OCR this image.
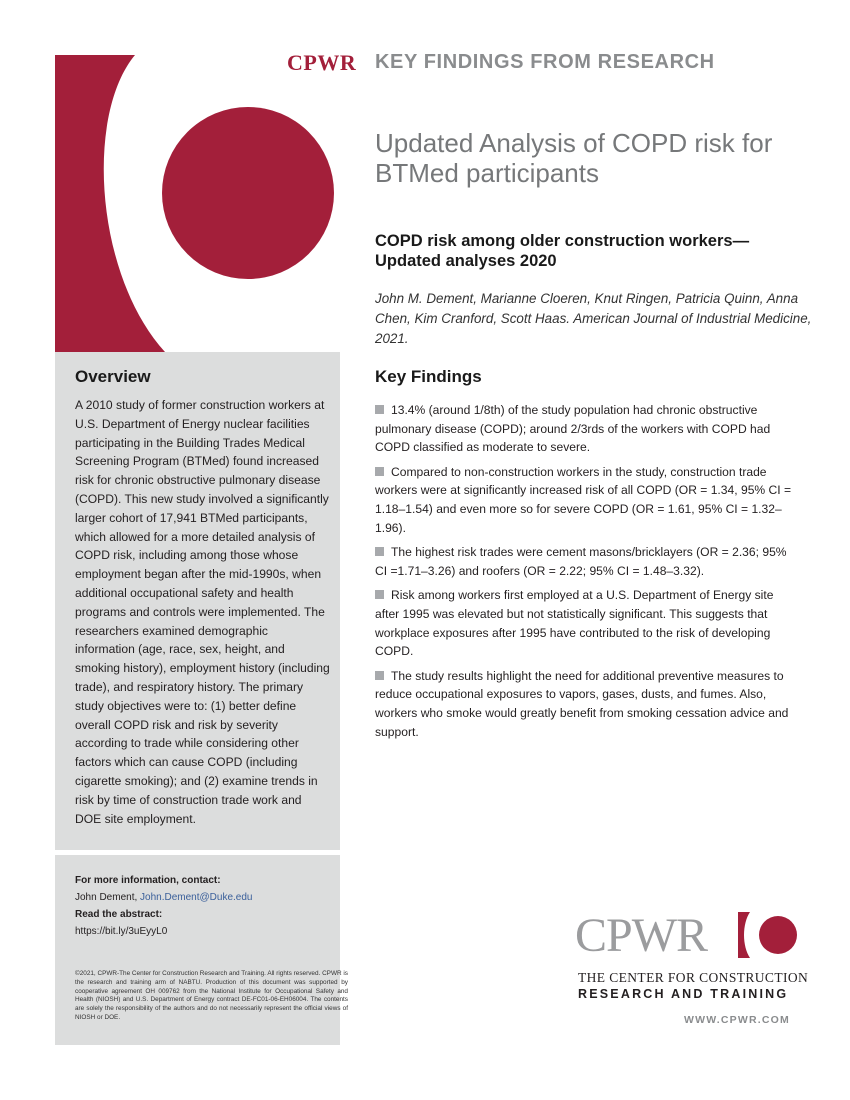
CPWR KEY FINDINGS FROM RESEARCH
Updated Analysis of COPD risk for BTMed participants
COPD risk among older construction workers—Updated analyses 2020
John M. Dement, Marianne Cloeren, Knut Ringen, Patricia Quinn, Anna Chen, Kim Cranford, Scott Haas. American Journal of Industrial Medicine, 2021.
Overview
A 2010 study of former construction workers at U.S. Department of Energy nuclear facilities participating in the Building Trades Medical Screening Program (BTMed) found increased risk for chronic obstructive pulmonary disease (COPD). This new study involved a significantly larger cohort of 17,941 BTMed participants, which allowed for a more detailed analysis of COPD risk, including among those whose employment began after the mid-1990s, when additional occupational safety and health programs and controls were implemented. The researchers examined demographic information (age, race, sex, height, and smoking history), employment history (including trade), and respiratory history. The primary study objectives were to: (1) better define overall COPD risk and risk by severity according to trade while considering other factors which can cause COPD (including cigarette smoking); and (2) examine trends in risk by time of construction trade work and DOE site employment.
For more information, contact:
John Dement, John.Dement@Duke.edu
Read the abstract:
https://bit.ly/3uEyyL0
©2021, CPWR-The Center for Construction Research and Training. All rights reserved. CPWR is the research and training arm of NABTU. Production of this document was supported by cooperative agreement OH 009762 from the National Institute for Occupational Safety and Health (NIOSH) and U.S. Department of Energy contract DE-FC01-06-EH06004. The contents are solely the responsibility of the authors and do not necessarily represent the official views of NIOSH or DOE.
Key Findings

13.4% (around 1/8th) of the study population had chronic obstructive pulmonary disease (COPD); around 2/3rds of the workers with COPD had COPD classified as moderate to severe.

Compared to non-construction workers in the study, construction trade workers were at significantly increased risk of all COPD (OR = 1.34, 95% CI = 1.18–1.54) and even more so for severe COPD (OR = 1.61, 95% CI = 1.32–1.96).

The highest risk trades were cement masons/bricklayers (OR = 2.36; 95% CI =1.71–3.26) and roofers (OR = 2.22; 95% CI = 1.48–3.32).

Risk among workers first employed at a U.S. Department of Energy site after 1995 was elevated but not statistically significant. This suggests that workplace exposures after 1995 have contributed to the risk of developing COPD.

The study results highlight the need for additional preventive measures to reduce occupational exposures to vapors, gases, dusts, and fumes. Also, workers who smoke would greatly benefit from smoking cessation advice and support.

CPWR
THE CENTER FOR CONSTRUCTION
RESEARCH AND TRAINING
WWW.CPWR.COM
